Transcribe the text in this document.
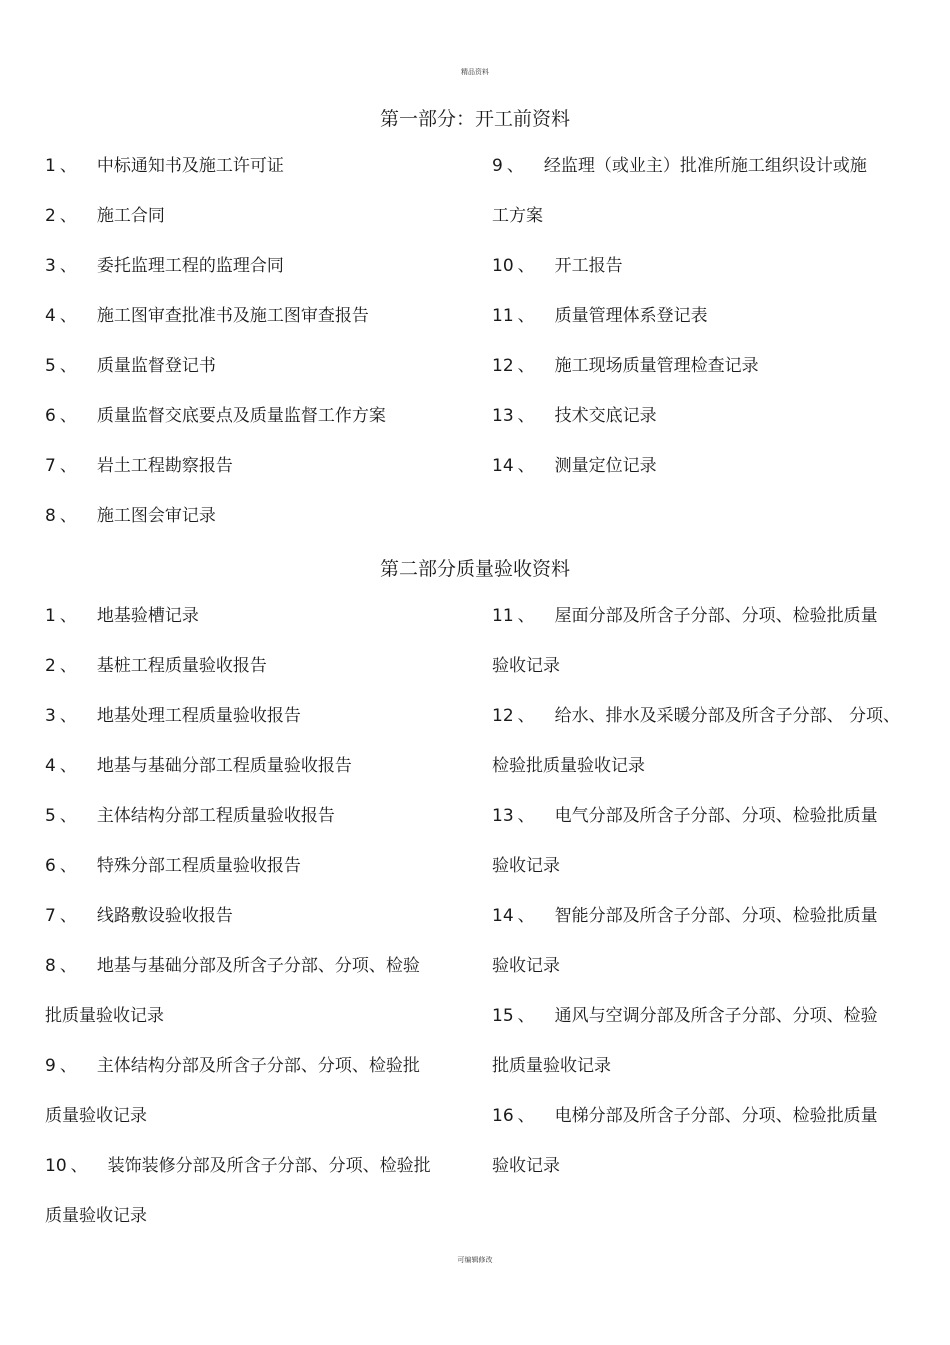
精品资料
第一部分：开工前资料
1 、 中标通知书及施工许可证
2 、 施工合同
3 、 委托监理工程的监理合同
4 、 施工图审查批准书及施工图审查报告
5 、 质量监督登记书
6 、 质量监督交底要点及质量监督工作方案
7 、 岩土工程勘察报告
8 、 施工图会审记录
9 、 经监理（或业主）批准所施工组织设计或施
工方案
10 、 开工报告
11 、 质量管理体系登记表
12 、 施工现场质量管理检查记录
13 、 技术交底记录
14 、 测量定位记录
第二部分质量验收资料
1 、 地基验槽记录
2 、 基桩工程质量验收报告
3 、 地基处理工程质量验收报告
4 、 地基与基础分部工程质量验收报告
5 、 主体结构分部工程质量验收报告
6 、 特殊分部工程质量验收报告
7 、 线路敷设验收报告
8 、 地基与基础分部及所含子分部、分项、检验
批质量验收记录
9 、 主体结构分部及所含子分部、分项、检验批
质量验收记录
10 、 装饰装修分部及所含子分部、分项、检验批
质量验收记录
11 、 屋面分部及所含子分部、分项、检验批质量
验收记录
12 、 给水、排水及采暖分部及所含子分部、 分项、
检验批质量验收记录
13 、 电气分部及所含子分部、分项、检验批质量
验收记录
14 、 智能分部及所含子分部、分项、检验批质量
验收记录
15 、 通风与空调分部及所含子分部、分项、检验
批质量验收记录
16 、 电梯分部及所含子分部、分项、检验批质量
验收记录
可编辑修改
